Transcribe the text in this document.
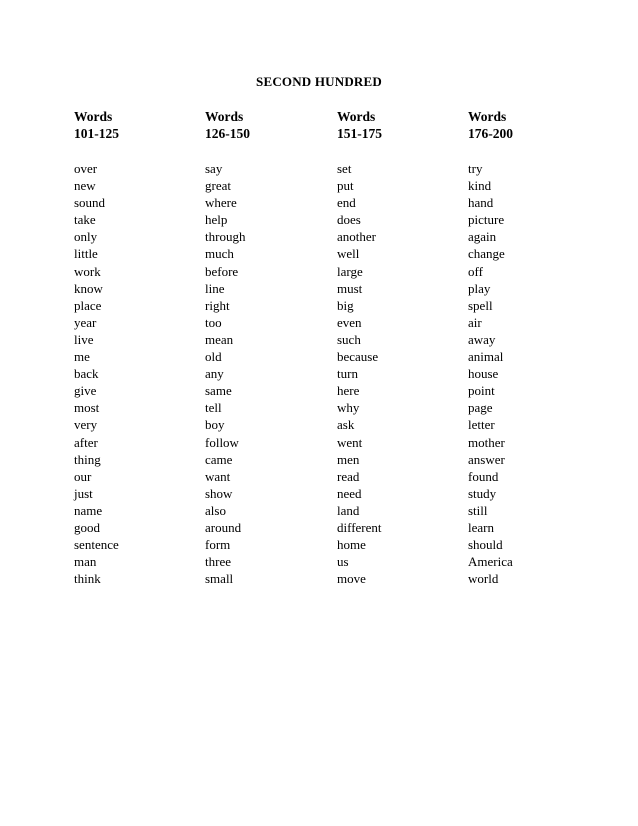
SECOND HUNDRED
Words
101-125
over
new
sound
take
only
little
work
know
place
year
live
me
back
give
most
very
after
thing
our
just
name
good
sentence
man
think
Words
126-150
say
great
where
help
through
much
before
line
right
too
mean
old
any
same
tell
boy
follow
came
want
show
also
around
form
three
small
Words
151-175
set
put
end
does
another
well
large
must
big
even
such
because
turn
here
why
ask
went
men
read
need
land
different
home
us
move
Words
176-200
try
kind
hand
picture
again
change
off
play
spell
air
away
animal
house
point
page
letter
mother
answer
found
study
still
learn
should
America
world
